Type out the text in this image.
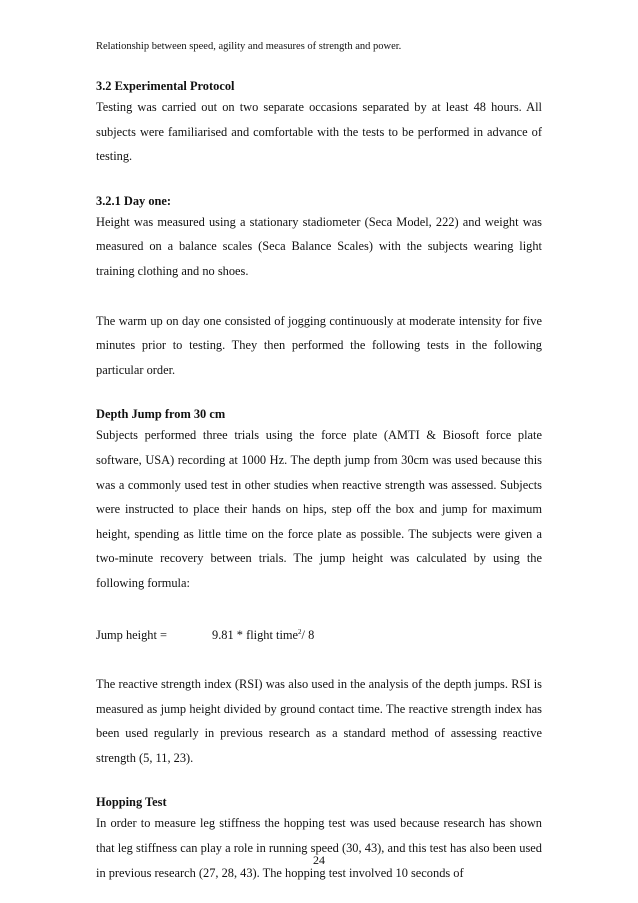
Relationship between speed, agility and measures of strength and power.
3.2 Experimental Protocol
Testing was carried out on two separate occasions separated by at least 48 hours. All subjects were familiarised and comfortable with the tests to be performed in advance of testing.
3.2.1 Day one:
Height was measured using a stationary stadiometer (Seca Model, 222) and weight was measured on a balance scales (Seca Balance Scales) with the subjects wearing light training clothing and no shoes.
The warm up on day one consisted of jogging continuously at moderate intensity for five minutes prior to testing. They then performed the following tests in the following particular order.
Depth Jump from 30 cm
Subjects performed three trials using the force plate (AMTI & Biosoft force plate software, USA) recording at 1000 Hz. The depth jump from 30cm was used because this was a commonly used test in other studies when reactive strength was assessed. Subjects were instructed to place their hands on hips, step off the box and jump for maximum height, spending as little time on the force plate as possible. The subjects were given a two-minute recovery between trials. The jump height was calculated by using the following formula:
Jump height =	9.81 * flight time$^2$/ 8
The reactive strength index (RSI) was also used in the analysis of the depth jumps. RSI is measured as jump height divided by ground contact time. The reactive strength index has been used regularly in previous research as a standard method of assessing reactive strength (5, 11, 23).
Hopping Test
In order to measure leg stiffness the hopping test was used because research has shown that leg stiffness can play a role in running speed (30, 43), and this test has also been used in previous research (27, 28, 43). The hopping test involved 10 seconds of
24
